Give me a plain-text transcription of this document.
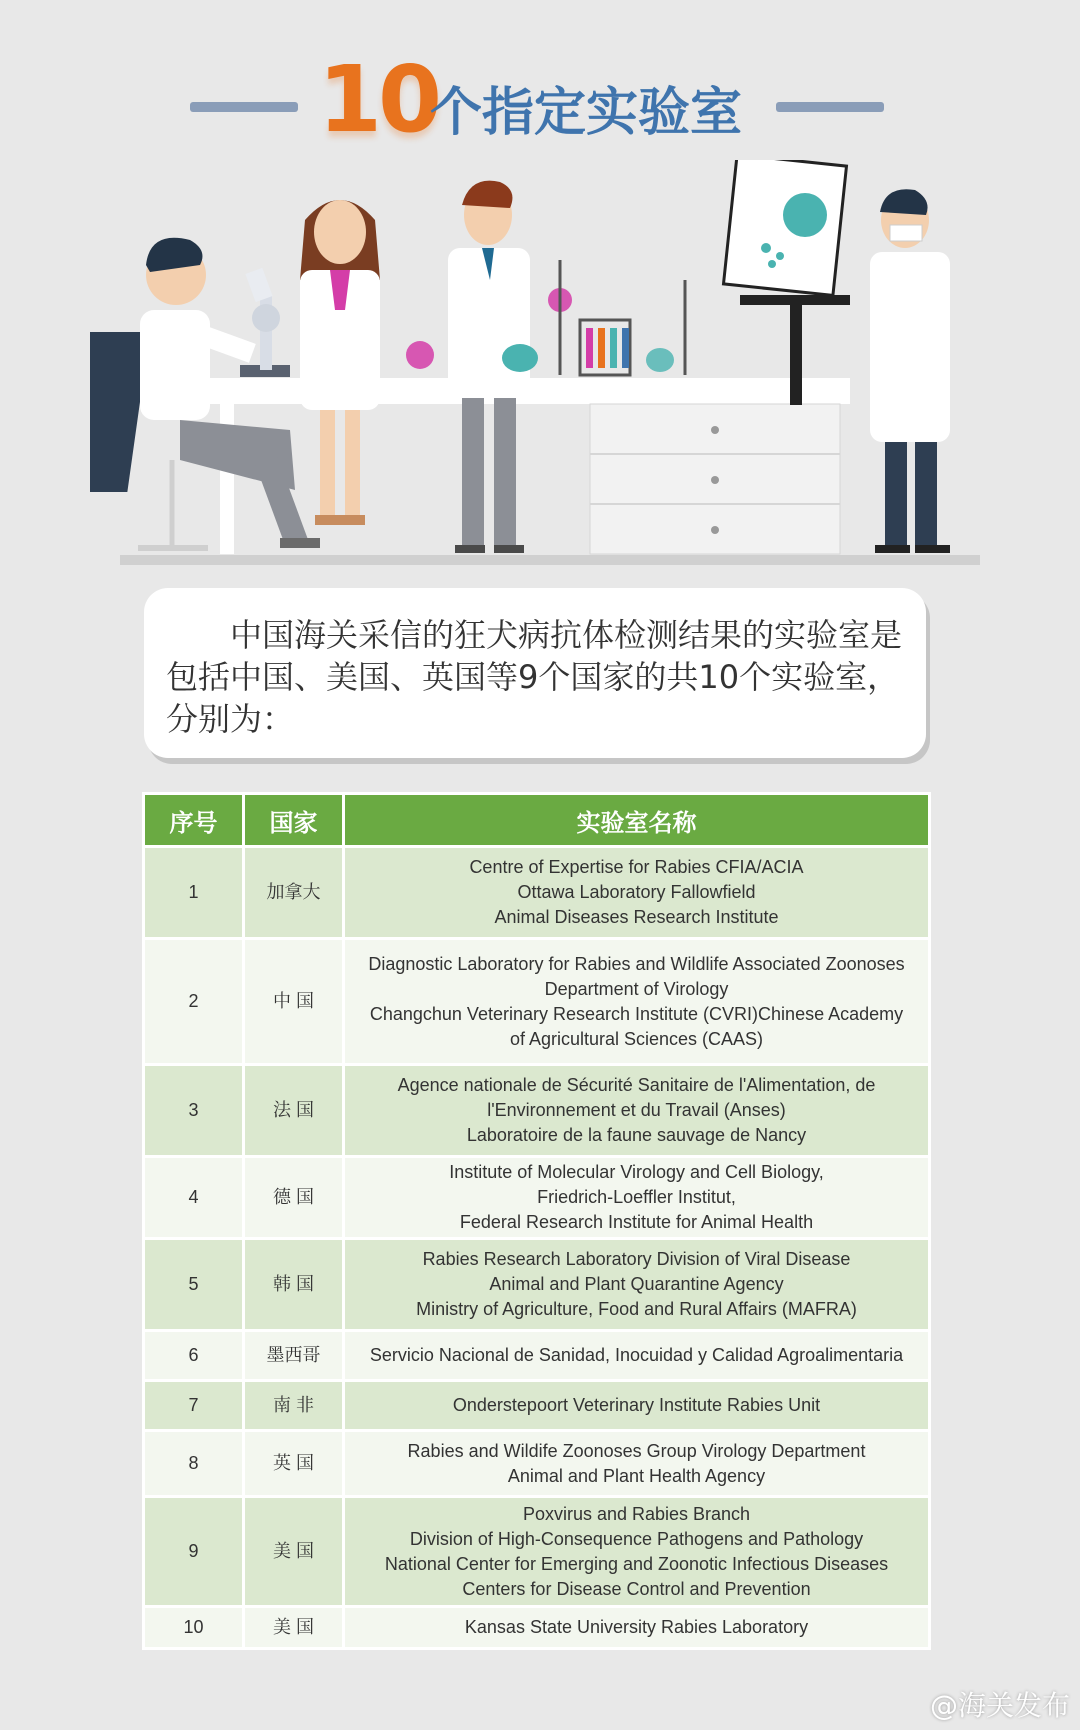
10
个指定实验室

中国海关采信的狂犬病抗体检测结果的实验室是包括中国、美国、英国等9个国家的共10个实验室，分别为：

序号	国家	实验室名称
1	加拿大	Centre of Expertise for Rabies CFIA/ACIA
Ottawa Laboratory Fallowfield
Animal Diseases Research Institute

2	中 国	Diagnostic Laboratory for Rabies and Wildlife Associated Zoonoses
Department of Virology
Changchun Veterinary Research Institute (CVRI)Chinese Academy
of Agricultural Sciences (CAAS)

3	法 国	Agence nationale de Sécurité Sanitaire de l'Alimentation, de
l'Environnement et du Travail (Anses)
Laboratoire de la faune sauvage de Nancy

4	德 国	Institute of Molecular Virology and Cell Biology,
Friedrich-Loeffler Institut,
Federal Research Institute for Animal Health

5	韩 国	Rabies Research Laboratory Division of Viral Disease
Animal and Plant Quarantine Agency
Ministry of Agriculture, Food and Rural Affairs (MAFRA)

6	墨西哥	Servicio Nacional de Sanidad, Inocuidad y Calidad Agroalimentaria

7	南 非	Onderstepoort Veterinary Institute Rabies Unit

8	英 国	Rabies and Wildife Zoonoses Group Virology Department
Animal and Plant Health Agency

9	美 国	Poxvirus and Rabies Branch
Division of High-Consequence Pathogens and Pathology
National Center for Emerging and Zoonotic Infectious Diseases
Centers for Disease Control and Prevention

10	美 国	Kansas State University Rabies Laboratory
@海关发布
